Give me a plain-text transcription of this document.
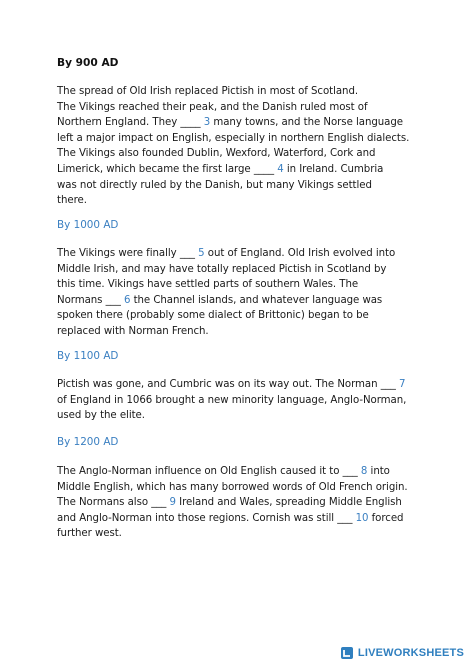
By 900 AD
The spread of Old Irish replaced Pictish in most of Scotland.
The Vikings reached their peak, and the Danish ruled most of
Northern England. They ____ 3 many towns, and the Norse language
left a major impact on English, especially in northern English dialects.
The Vikings also founded Dublin, Wexford, Waterford, Cork and
Limerick, which became the first large ____ 4 in Ireland. Cumbria
was not directly ruled by the Danish, but many Vikings settled
there.
By 1000 AD
The Vikings were finally ___ 5 out of England. Old Irish evolved into
Middle Irish, and may have totally replaced Pictish in Scotland by
this time. Vikings have settled parts of southern Wales. The
Normans ___ 6 the Channel islands, and whatever language was
spoken there (probably some dialect of Brittonic) began to be
replaced with Norman French.
By 1100 AD
Pictish was gone, and Cumbric was on its way out. The Norman ___ 7
of England in 1066 brought a new minority language, Anglo-Norman,
used by the elite.
By 1200 AD
The Anglo-Norman influence on Old English caused it to ___ 8 into
Middle English, which has many borrowed words of Old French origin.
The Normans also ___ 9 Ireland and Wales, spreading Middle English
and Anglo-Norman into those regions. Cornish was still ___ 10 forced
further west.
LIVEWORKSHEETS
